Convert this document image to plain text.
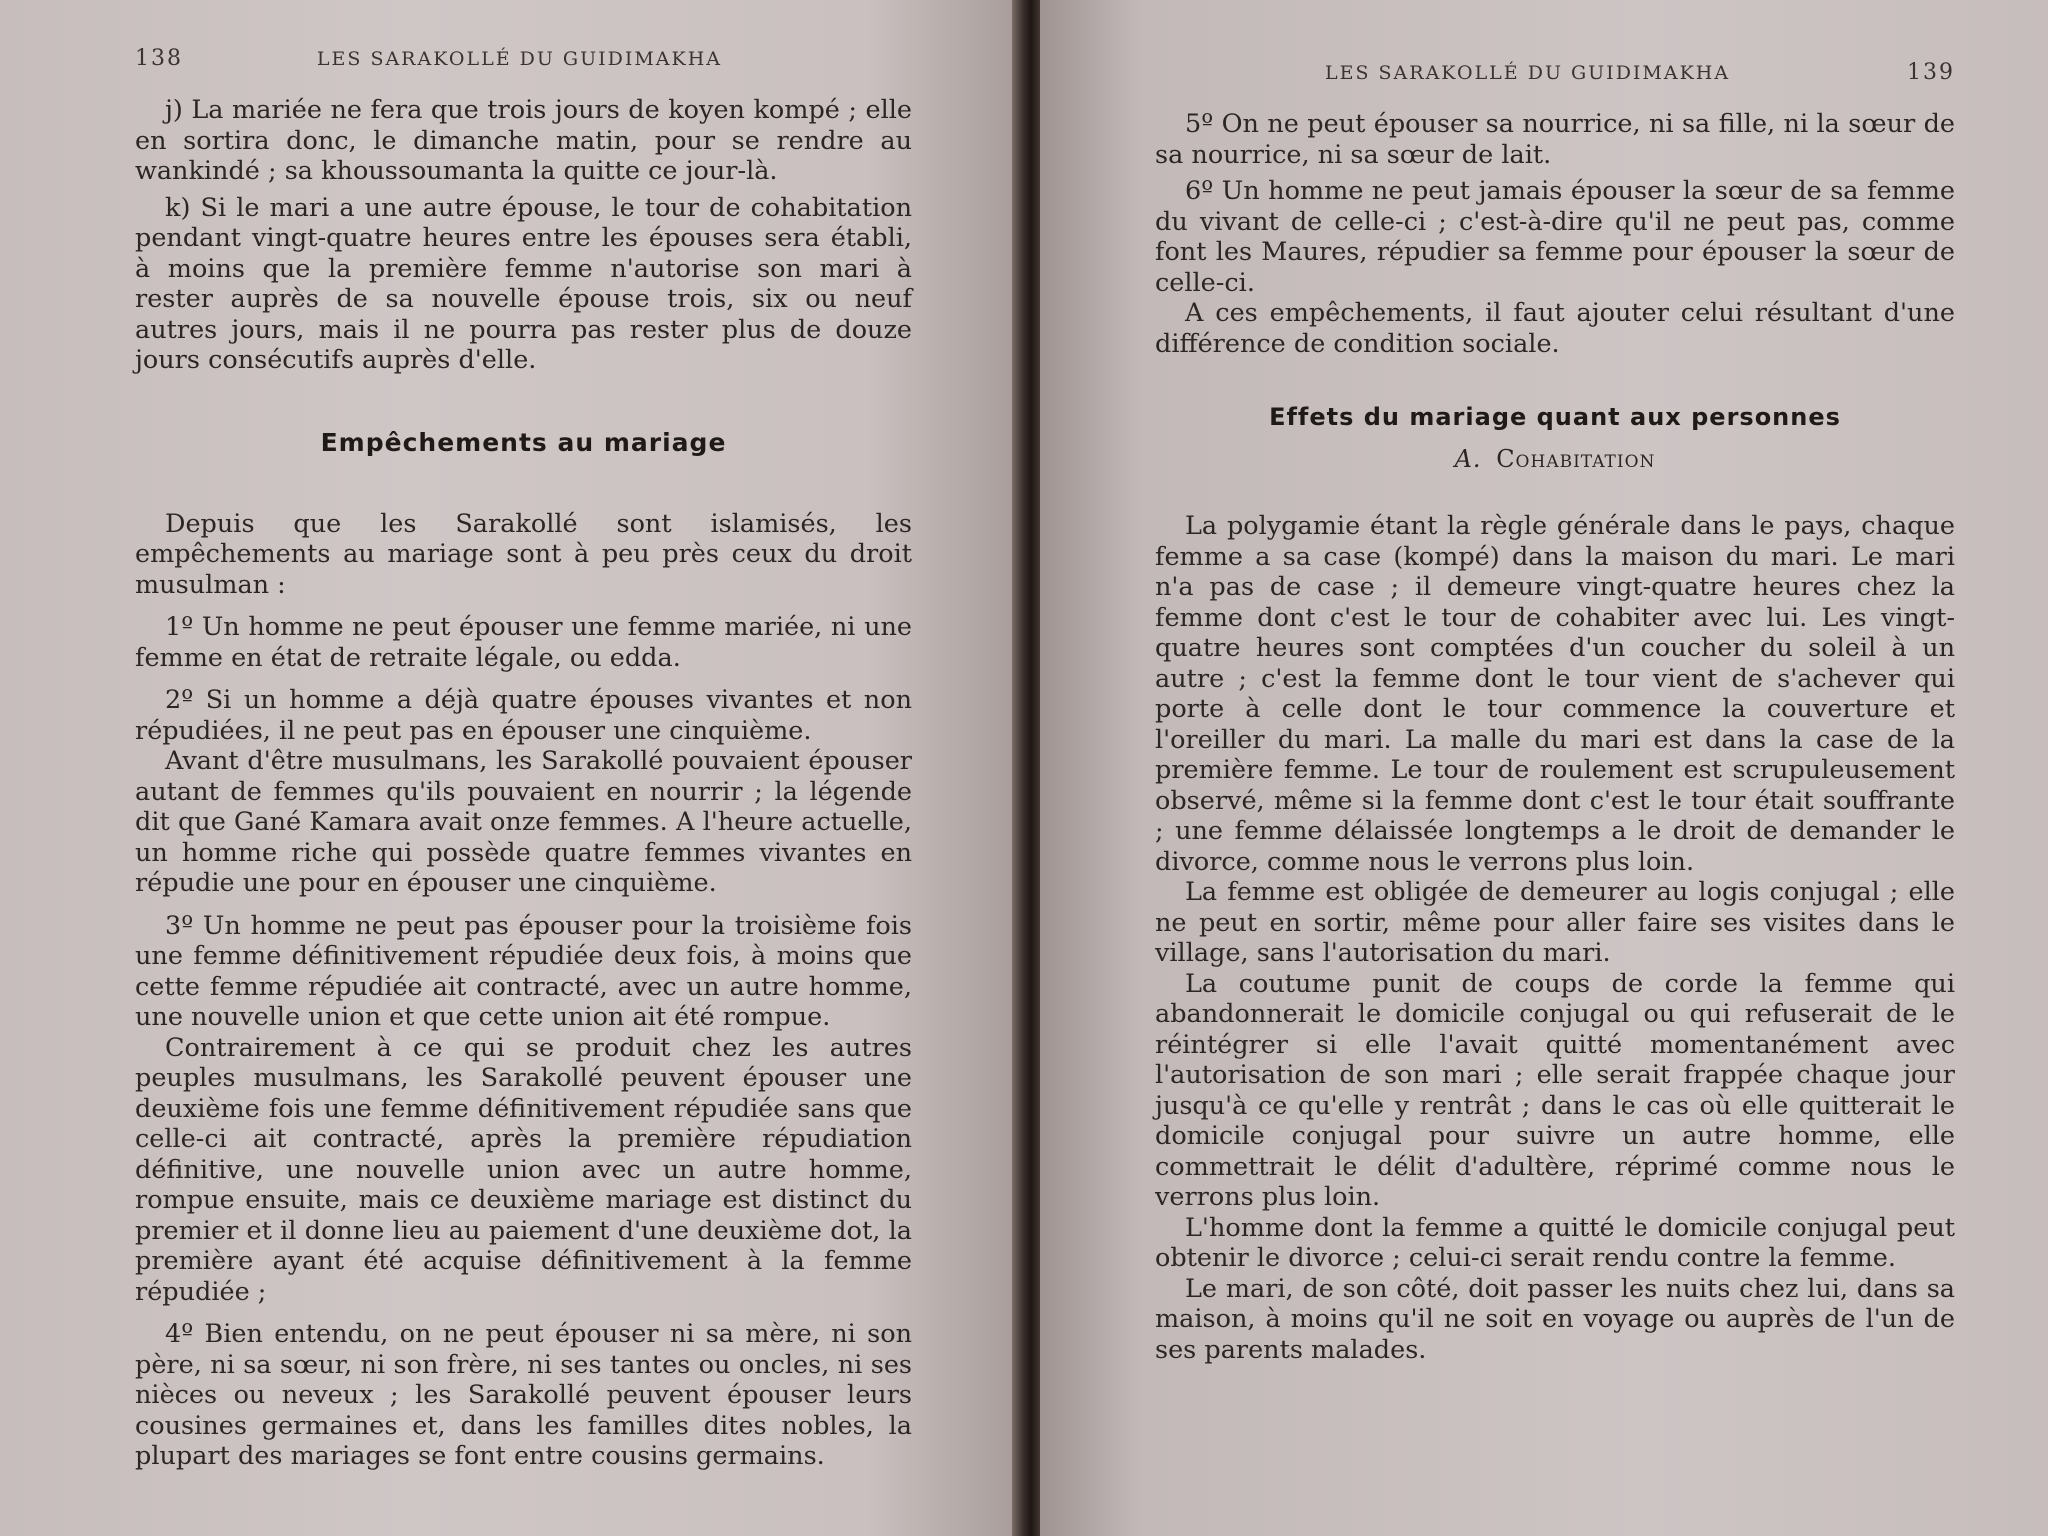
138	LES SARAKOLLÉ DU GUIDIMAKHA

j) La mariée ne fera que trois jours de koyen kompé ; elle en sortira donc, le dimanche matin, pour se rendre au wankindé ; sa khoussoumanta la quitte ce jour-là.

k) Si le mari a une autre épouse, le tour de cohabitation pendant vingt-quatre heures entre les épouses sera établi, à moins que la première femme n'autorise son mari à rester auprès de sa nouvelle épouse trois, six ou neuf autres jours, mais il ne pourra pas rester plus de douze jours consécutifs auprès d'elle.

Empêchements au mariage

Depuis que les Sarakollé sont islamisés, les empêchements au mariage sont à peu près ceux du droit musulman :

1º Un homme ne peut épouser une femme mariée, ni une femme en état de retraite légale, ou edda.

2º Si un homme a déjà quatre épouses vivantes et non répudiées, il ne peut pas en épouser une cinquième.

Avant d'être musulmans, les Sarakollé pouvaient épouser autant de femmes qu'ils pouvaient en nourrir ; la légende dit que Gané Kamara avait onze femmes. A l'heure actuelle, un homme riche qui possède quatre femmes vivantes en répudie une pour en épouser une cinquième.

3º Un homme ne peut pas épouser pour la troisième fois une femme définitivement répudiée deux fois, à moins que cette femme répudiée ait contracté, avec un autre homme, une nouvelle union et que cette union ait été rompue.

Contrairement à ce qui se produit chez les autres peuples musulmans, les Sarakollé peuvent épouser une deuxième fois une femme définitivement répudiée sans que celle-ci ait contracté, après la première répudiation définitive, une nouvelle union avec un autre homme, rompue ensuite, mais ce deuxième mariage est distinct du premier et il donne lieu au paiement d'une deuxième dot, la première ayant été acquise définitivement à la femme répudiée ;

4º Bien entendu, on ne peut épouser ni sa mère, ni son père, ni sa sœur, ni son frère, ni ses tantes ou oncles, ni ses nièces ou neveux ; les Sarakollé peuvent épouser leurs cousines germaines et, dans les familles dites nobles, la plupart des mariages se font entre cousins germains.

LES SARAKOLLÉ DU GUIDIMAKHA	139

5º On ne peut épouser sa nourrice, ni sa fille, ni la sœur de sa nourrice, ni sa sœur de lait.

6º Un homme ne peut jamais épouser la sœur de sa femme du vivant de celle-ci ; c'est-à-dire qu'il ne peut pas, comme font les Maures, répudier sa femme pour épouser la sœur de celle-ci.

A ces empêchements, il faut ajouter celui résultant d'une différence de condition sociale.

Effets du mariage quant aux personnes
A. Cohabitation

La polygamie étant la règle générale dans le pays, chaque femme a sa case (kompé) dans la maison du mari. Le mari n'a pas de case ; il demeure vingt-quatre heures chez la femme dont c'est le tour de cohabiter avec lui. Les vingt-quatre heures sont comptées d'un coucher du soleil à un autre ; c'est la femme dont le tour vient de s'achever qui porte à celle dont le tour commence la couverture et l'oreiller du mari. La malle du mari est dans la case de la première femme. Le tour de roulement est scrupuleusement observé, même si la femme dont c'est le tour était souffrante ; une femme délaissée longtemps a le droit de demander le divorce, comme nous le verrons plus loin.

La femme est obligée de demeurer au logis conjugal ; elle ne peut en sortir, même pour aller faire ses visites dans le village, sans l'autorisation du mari.

La coutume punit de coups de corde la femme qui abandonnerait le domicile conjugal ou qui refuserait de le réintégrer si elle l'avait quitté momentanément avec l'autorisation de son mari ; elle serait frappée chaque jour jusqu'à ce qu'elle y rentrât ; dans le cas où elle quitterait le domicile conjugal pour suivre un autre homme, elle commettrait le délit d'adultère, réprimé comme nous le verrons plus loin.

L'homme dont la femme a quitté le domicile conjugal peut obtenir le divorce ; celui-ci serait rendu contre la femme.

Le mari, de son côté, doit passer les nuits chez lui, dans sa maison, à moins qu'il ne soit en voyage ou auprès de l'un de ses parents malades.
